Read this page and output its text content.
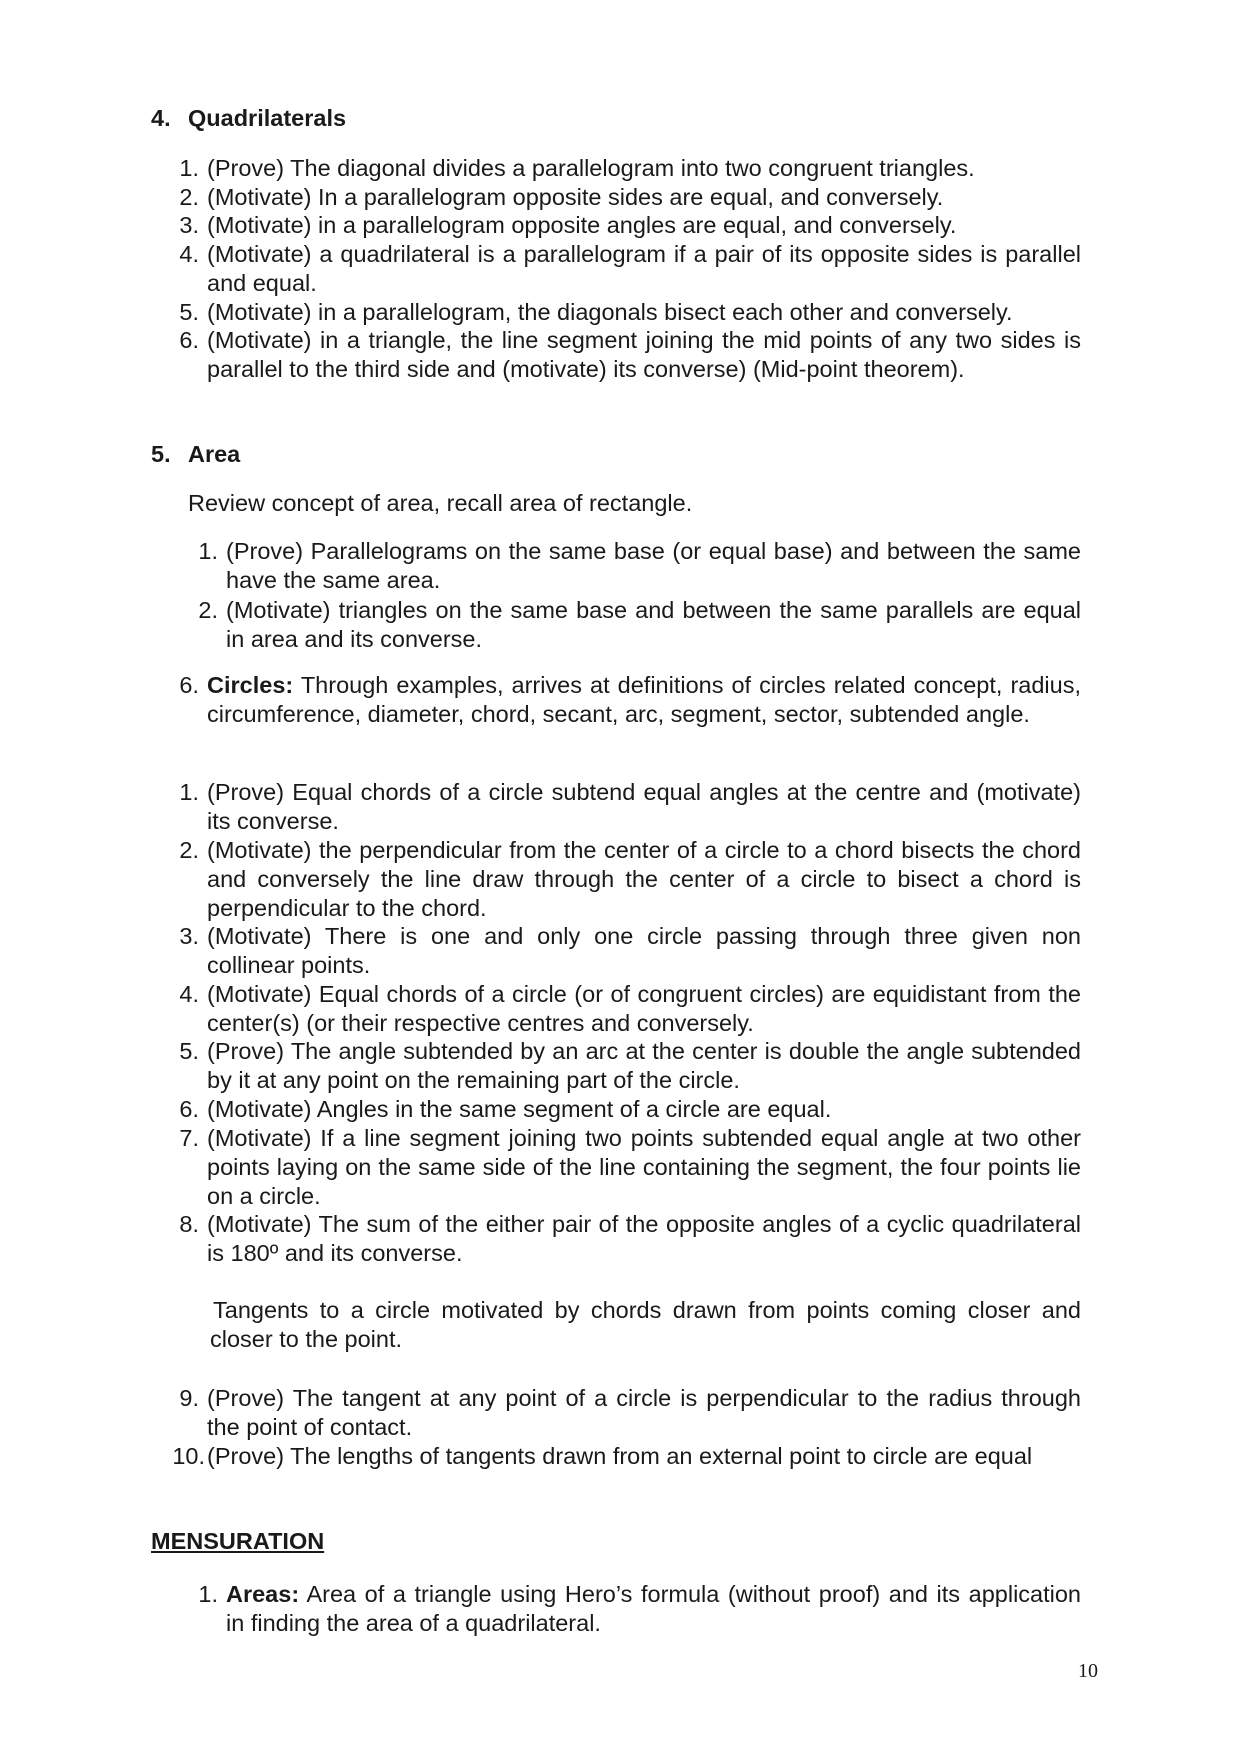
4. Quadrilaterals
1. (Prove) The diagonal divides a parallelogram into two congruent triangles.
2. (Motivate) In a parallelogram opposite sides are equal, and conversely.
3. (Motivate) in a parallelogram opposite angles are equal, and conversely.
4. (Motivate) a quadrilateral is a parallelogram if a pair of its opposite sides is parallel and equal.
5. (Motivate) in a parallelogram, the diagonals bisect each other and conversely.
6. (Motivate) in a triangle, the line segment joining the mid points of any two sides is parallel to the third side and (motivate) its converse) (Mid-point theorem).
5. Area
Review concept of area, recall area of rectangle.
1. (Prove) Parallelograms on the same base (or equal base) and between the same have the same area.
2. (Motivate) triangles on the same base and between the same parallels are equal in area and its converse.
6. Circles: Through examples, arrives at definitions of circles related concept, radius, circumference, diameter, chord, secant, arc, segment, sector, subtended angle.
1. (Prove) Equal chords of a circle subtend equal angles at the centre and (motivate) its converse.
2. (Motivate) the perpendicular from the center of a circle to a chord bisects the chord and conversely the line draw through the center of a circle to bisect a chord is perpendicular to the chord.
3. (Motivate) There is one and only one circle passing through three given non collinear points.
4. (Motivate) Equal chords of a circle (or of congruent circles) are equidistant from the center(s) (or their respective centres and conversely.
5. (Prove) The angle subtended by an arc at the center is double the angle subtended by it at any point on the remaining part of the circle.
6. (Motivate) Angles in the same segment of a circle are equal.
7. (Motivate) If a line segment joining two points subtended equal angle at two other points laying on the same side of the line containing the segment, the four points lie on a circle.
8. (Motivate) The sum of the either pair of the opposite angles of a cyclic quadrilateral is 180º and its converse.
Tangents to a circle motivated by chords drawn from points coming closer and closer to the point.
9. (Prove) The tangent at any point of a circle is perpendicular to the radius through the point of contact.
10. (Prove) The lengths of tangents drawn from an external point to circle are equal
MENSURATION
1. Areas: Area of a triangle using Hero’s formula (without proof) and its application in finding the area of a quadrilateral.
10
